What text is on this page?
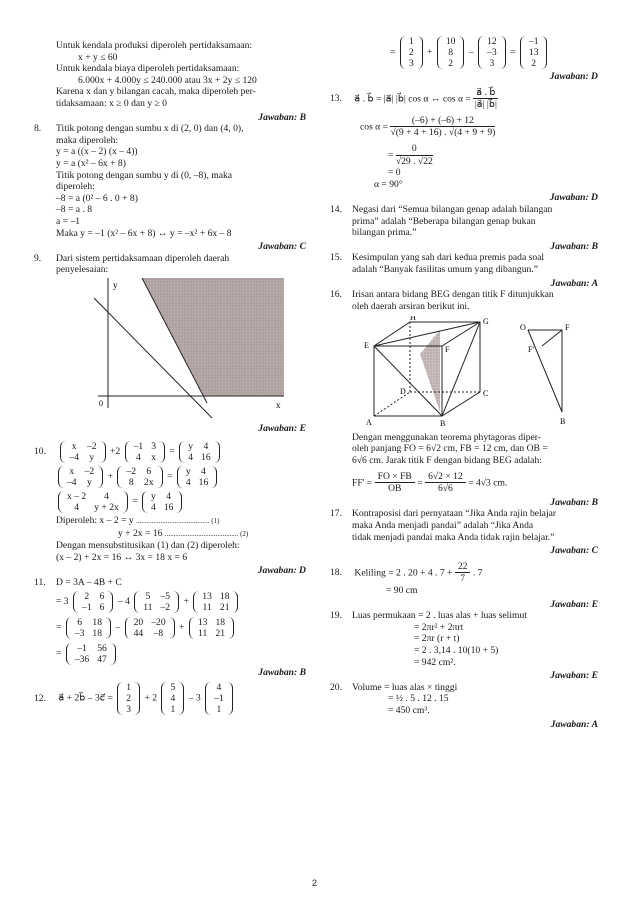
Untuk kendala produksi diperoleh pertidaksamaan:
x + y ≤ 60
Untuk kendala biaya diperoleh pertidaksamaan:
6.000x + 4.000y ≤ 240.000 atau 3x + 2y ≤ 120
Karena x dan y bilangan cacah, maka diperoleh per-
tidaksamaan: x ≥ 0 dan y ≥ 0
Jawaban: B
8. Titik potong dengan sumbu x di (2, 0) dan (4, 0),
maka diperoleh:
y = a ((x – 2) (x – 4))
y = a (x² – 6x + 8)
Titik potong dengan sumbu y di (0, –8), maka
diperoleh:
–8 = a (0² – 6 . 0 + 8)
–8 = a . 8
a = –1
Maka y = –1 (x² – 6x + 8) ↔ y = –x² + 6x – 8
Jawaban: C
9. Dari sistem pertidaksamaan diperoleh daerah
penyelesaian:
y
x
0
Jawaban: E
10.	x	–2
–4	y
+2 –1	3
4	x
= y	4
4	16
x	–2
–4	y
+ –2	6
8	2x
= y	4
4	16
x – 2	4
4	y + 2x
= y	4
4	16
Diperoleh: x – 2 = y .......................................... (1)
y + 2x = 16 .......................................... (2)
Dengan mensubstitusikan (1) dan (2) diperoleh:
(x – 2) + 2x = 16 ↔ 3x = 18 x = 6
Jawaban: D
11. D = 3A – 4B + C
= 3 2	6
–1	6
– 4 5	–5
11	–2
+ 13	18
11	21
= 6	18
–3	18
– 20	–20
44	–8
+ 13	18
11	21
= –1	56
–36	47
Jawaban: B
12. a⃗ + 2b⃗ – 3c⃗ =
1
2
3
+ 2
5
4
1
– 3
4
–1
1
=
1
2
3
+
10
8
2
–
12
–3
3
=
–1
13
2
Jawaban: D
13. a⃗ . b⃗ = |a⃗| |b⃗| cos α ↔ $\cos \alpha = \frac{a⃗ . b⃗}{|a⃗| |b⃗|}$
$\cos \alpha = \frac{(-6) + (-6) + 12}{√(9 + 4 + 16) . √(4 + 9 + 9)}$
= $\frac{0}{√29 . √22}$
= 0
α = 90°
Jawaban: D
14. Negasi dari “Semua bilangan genap adalah bilangan
prima” adalah “Beberapa bilangan genap bukan
bilangan prima.”
Jawaban: B
15. Kesimpulan yang sah dari kedua premis pada soal
adalah “Banyak fasilitas umum yang dibangun.”
Jawaban: A
16. Irisan antara bidang BEG dengan titik F ditunjukkan
oleh daerah arsiran berikut ini.
H	G
E	F
D	C
A	B
O	F
F'
B
Dengan menggunakan teorema phytagoras diper-
oleh panjang FO = 6√2 cm, FB = 12 cm, dan OB =
6√6 cm. Jarak titik F dengan bidang BEG adalah:
$FF' = \frac{FO \times FB}{OB} = \frac{6√2 \times 12}{6√6} = 4√3$ cm.
Jawaban: B
17. Kontraposisi dari pernyataan “Jika Anda rajin belajar
maka Anda menjadi pandai” adalah “Jika Anda
tidak menjadi pandai maka Anda tidak rajin belajar.”
Jawaban: C
18. Keliling = 2 . 20 + 4 . $7 + \frac{22}{7}$ . 7
= 90 cm
Jawaban: E
19. Luas permukaan = 2 . luas alas + luas selimut
= 2πr² + 2πrt
= 2πr (r + t)
= 2 . 3,14 . 10(10 + 5)
= 942 cm².
Jawaban: E
20. Volume = luas alas × tinggi
= ½ . 5 . 12 . 15
= 450 cm³.
Jawaban: A
2
